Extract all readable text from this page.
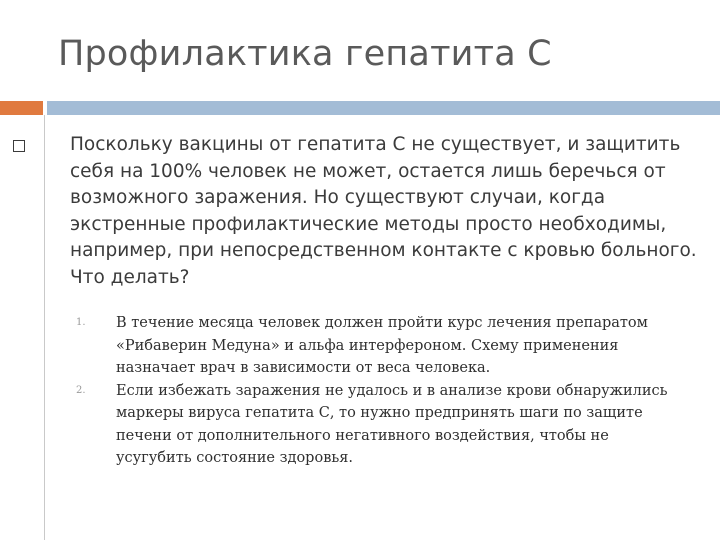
Профилактика гепатита С
Поскольку вакцины от гепатита С не существует, и защитить себя на 100% человек не может, остается лишь беречься от возможного заражения. Но существуют случаи, когда экстренные профилактические методы просто необходимы, например, при непосредственном контакте с кровью больного. Что делать?
1. В течение месяца человек должен пройти курс лечения препаратом «Рибаверин Медуна» и альфа интерфероном. Схему применения назначает врач в зависимости от веса человека.
2. Если избежать заражения не удалось и в анализе крови обнаружились маркеры вируса гепатита С, то нужно предпринять шаги по защите печени от дополнительного негативного воздействия, чтобы не усугубить состояние здоровья.
